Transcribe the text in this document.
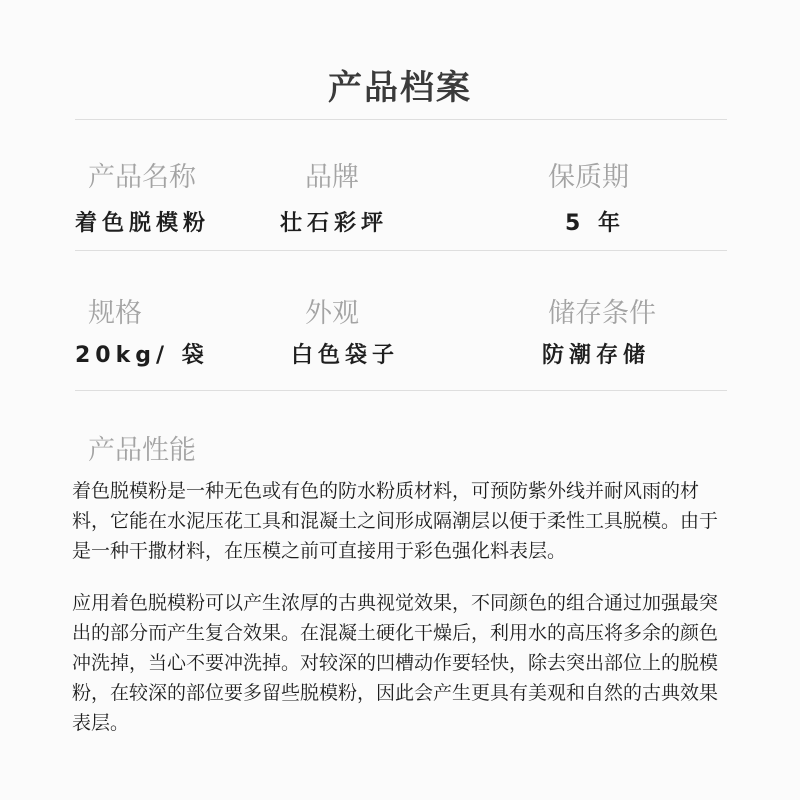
产品档案
产品名称	品牌	保质期
着色脱模粉	壮石彩坪	5 年
规格	外观	储存条件
20kg/ 袋	白色袋子	防潮存储
产品性能

着色脱模粉是一种无色或有色的防水粉质材料，可预防紫外线并耐风雨的材料，它能在水泥压花工具和混凝土之间形成隔潮层以便于柔性工具脱模。由于是一种干撒材料，在压模之前可直接用于彩色强化料表层。

应用着色脱模粉可以产生浓厚的古典视觉效果，不同颜色的组合通过加强最突出的部分而产生复合效果。在混凝土硬化干燥后，利用水的高压将多余的颜色冲洗掉，当心不要冲洗掉。对较深的凹槽动作要轻快，除去突出部位上的脱模粉，在较深的部位要多留些脱模粉，因此会产生更具有美观和自然的古典效果表层。
